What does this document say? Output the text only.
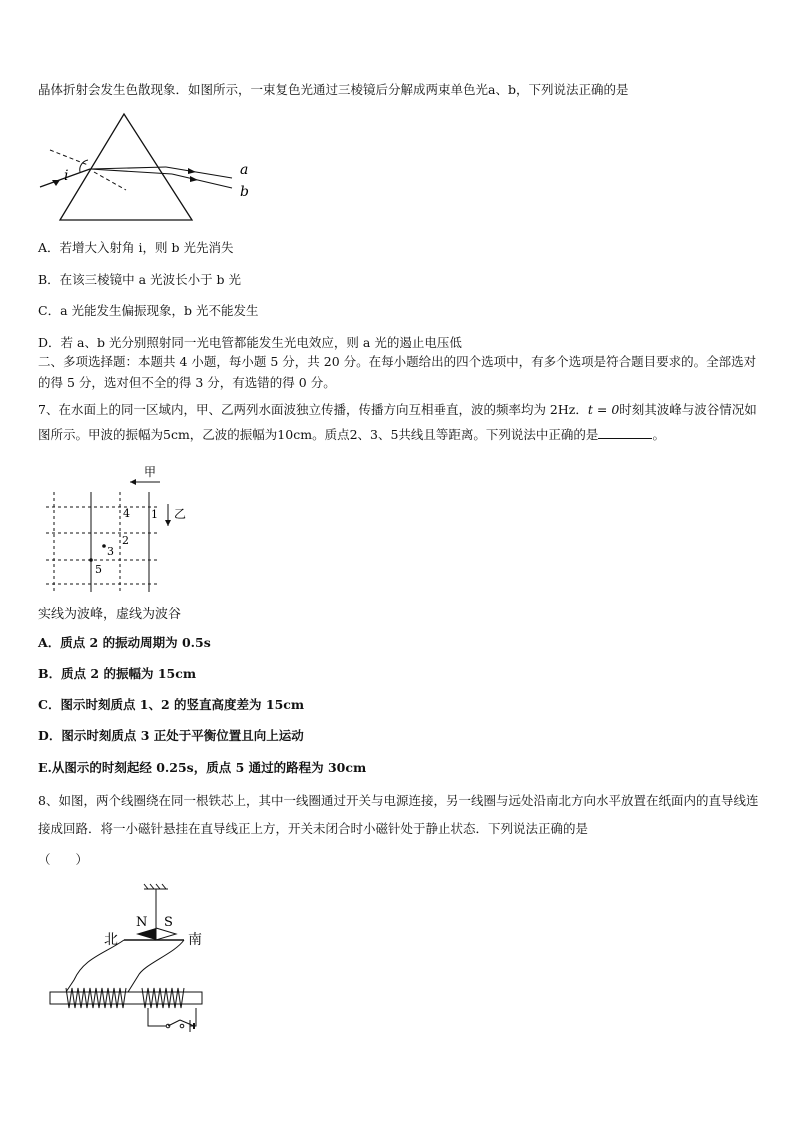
晶体折射会发生色散现象．如图所示，一束复色光通过三棱镜后分解成两束单色光a、b，下列说法正确的是
i	a
b
A．若增大入射角 i，则 b 光先消失
B．在该三棱镜中 a 光波长小于 b 光
C．a 光能发生偏振现象，b 光不能发生
D．若 a、b 光分别照射同一光电管都能发生光电效应，则 a 光的遏止电压低
二、多项选择题：本题共 4 小题，每小题 5 分，共 20 分。在每小题给出的四个选项中，有多个选项是符合题目要求的。全部选对的得 5 分，选对但不全的得 3 分，有选错的得 0 分。
7、在水面上的同一区域内，甲、乙两列水面波独立传播，传播方向互相垂直，波的频率均为 2Hz．t = 0时刻其波峰与波谷情况如图所示。甲波的振幅为5cm，乙波的振幅为10cm。质点2、3、5共线且等距离。下列说法中正确的是	。
甲
乙
4 1
2
3
5
实线为波峰，虚线为波谷
A．质点 2 的振动周期为 0.5s
B．质点 2 的振幅为 15cm
C．图示时刻质点 1、2 的竖直高度差为 15cm
D．图示时刻质点 3 正处于平衡位置且向上运动
E.从图示的时刻起经 0.25s，质点 5 通过的路程为 30cm
8、如图，两个线圈绕在同一根铁芯上，其中一线圈通过开关与电源连接，另一线圈与远处沿南北方向水平放置在纸面内的直导线连接成回路．将一小磁针悬挂在直导线正上方，开关未闭合时小磁针处于静止状态．下列说法正确的是
（　　）
N S
北	南
